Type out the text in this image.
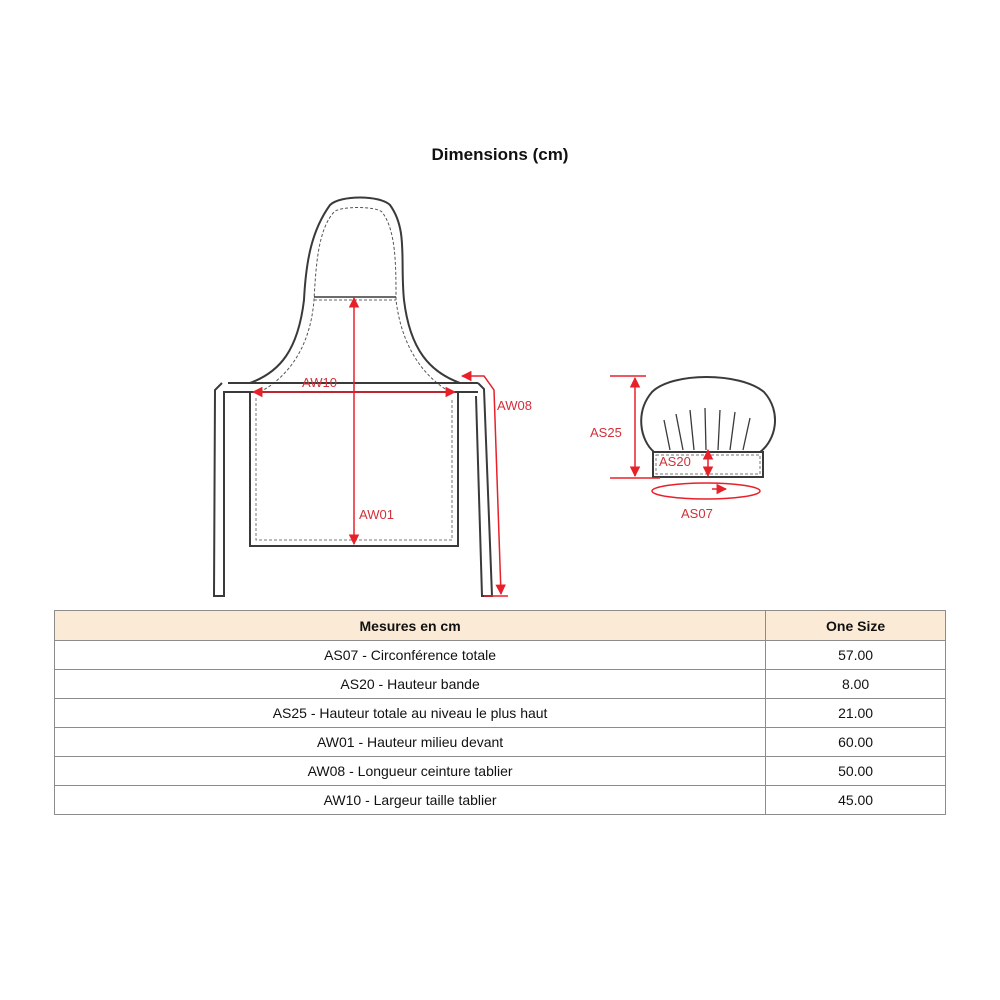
Dimensions (cm)
AW10
AW01
AW08
AS25
AS20
AS07
Mesures en cm	One Size
AS07 - Circonférence totale	57.00
AS20 - Hauteur bande	8.00
AS25 - Hauteur totale au niveau le plus haut	21.00
AW01 - Hauteur milieu devant	60.00
AW08 - Longueur ceinture tablier	50.00
AW10 - Largeur taille tablier	45.00
